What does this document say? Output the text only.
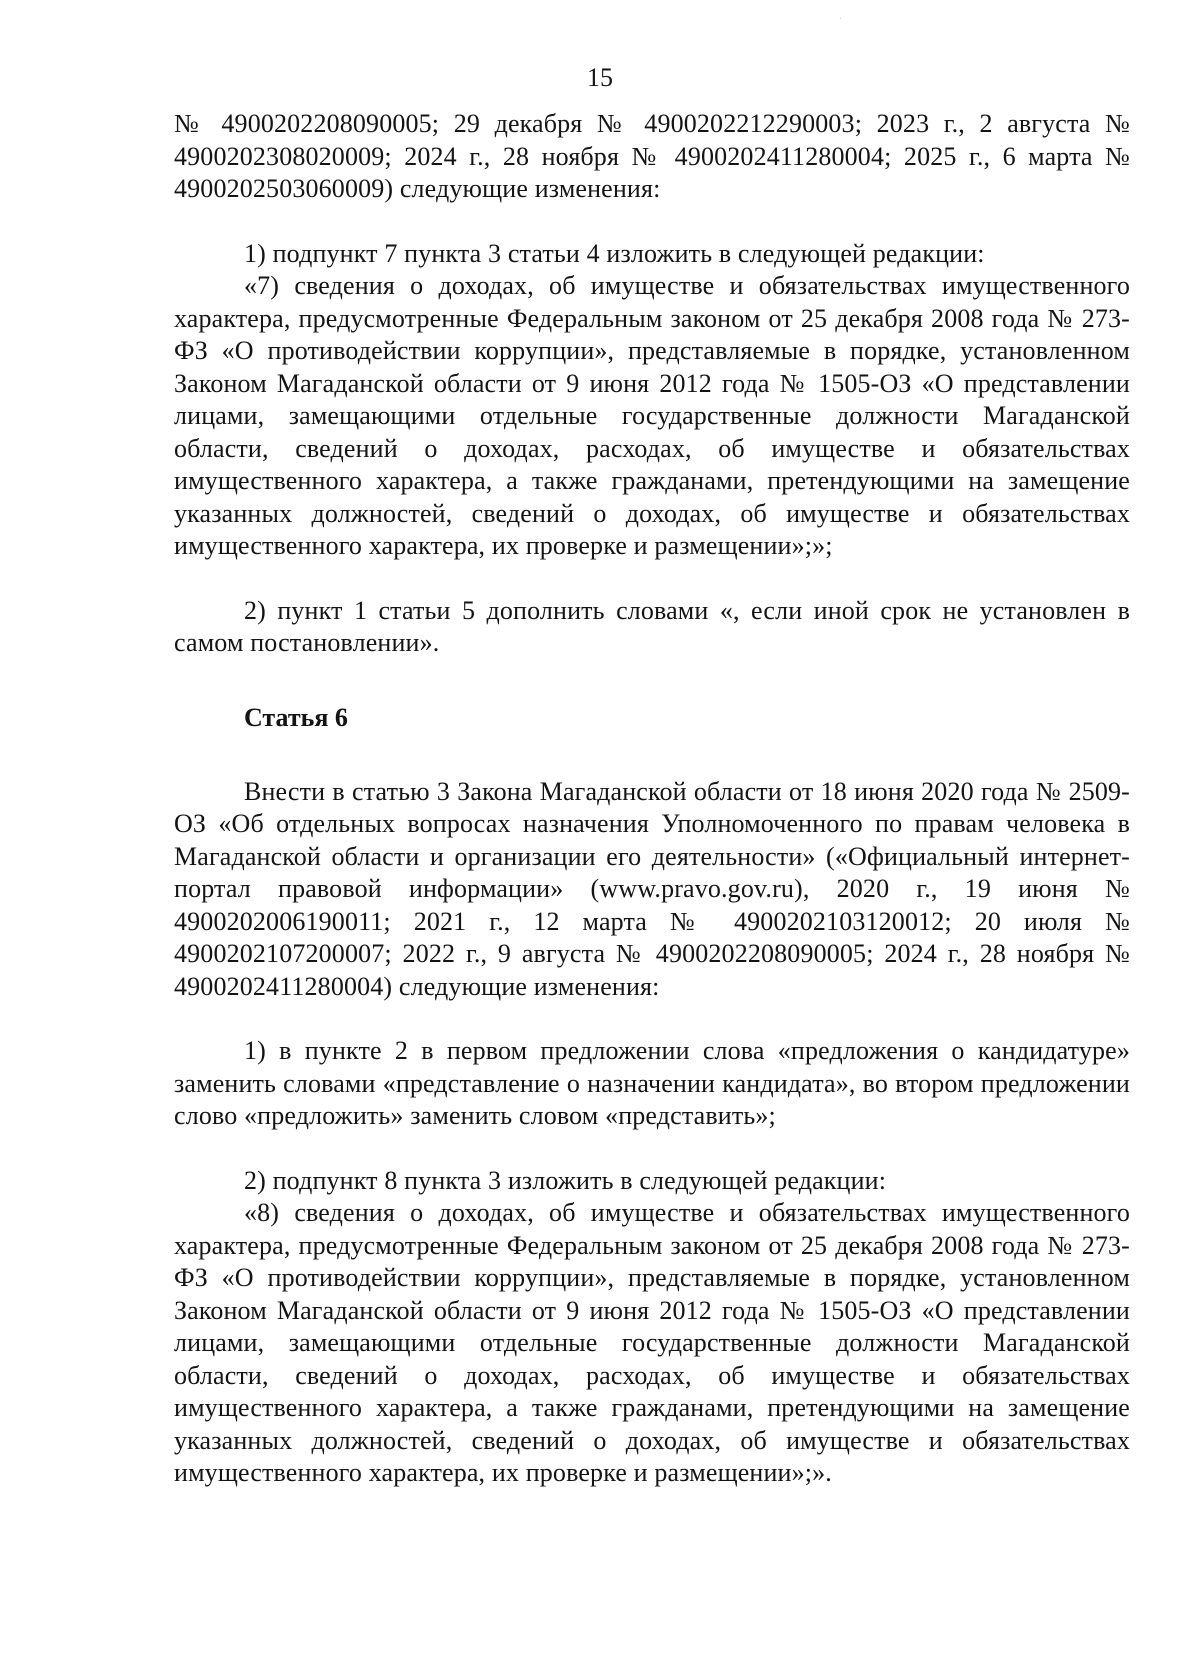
15

№ 4900202208090005; 29 декабря № 4900202212290003; 2023 г., 2 августа № 4900202308020009; 2024 г., 28 ноября № 4900202411280004; 2025 г., 6 марта № 4900202503060009) следующие изменения:

1) подпункт 7 пункта 3 статьи 4 изложить в следующей редакции:

«7) сведения о доходах, об имуществе и обязательствах имущественного характера, предусмотренные Федеральным законом от 25 декабря 2008 года № 273-ФЗ «О противодействии коррупции», представляемые в порядке, установленном Законом Магаданской области от 9 июня 2012 года № 1505-ОЗ «О представлении лицами, замещающими отдельные государственные должности Магаданской области, сведений о доходах, расходах, об имуществе и обязательствах имущественного характера, а также гражданами, претендующими на замещение указанных должностей, сведений о доходах, об имуществе и обязательствах имущественного характера, их проверке и размещении»;»;

2) пункт 1 статьи 5 дополнить словами «, если иной срок не установлен в самом постановлении».

Статья 6

Внести в статью 3 Закона Магаданской области от 18 июня 2020 года № 2509-ОЗ «Об отдельных вопросах назначения Уполномоченного по правам человека в Магаданской области и организации его деятельности» («Официальный интернет-портал правовой информации» (www.pravo.gov.ru), 2020 г., 19 июня № 4900202006190011; 2021 г., 12 марта № 4900202103120012; 20 июля № 4900202107200007; 2022 г., 9 августа № 4900202208090005; 2024 г., 28 ноября № 4900202411280004) следующие изменения:

1) в пункте 2 в первом предложении слова «предложения о кандидатуре» заменить словами «представление о назначении кандидата», во втором предложении слово «предложить» заменить словом «представить»;

2) подпункт 8 пункта 3 изложить в следующей редакции:

«8) сведения о доходах, об имуществе и обязательствах имущественного характера, предусмотренные Федеральным законом от 25 декабря 2008 года № 273-ФЗ «О противодействии коррупции», представляемые в порядке, установленном Законом Магаданской области от 9 июня 2012 года № 1505-ОЗ «О представлении лицами, замещающими отдельные государственные должности Магаданской области, сведений о доходах, расходах, об имуществе и обязательствах имущественного характера, а также гражданами, претендующими на замещение указанных должностей, сведений о доходах, об имуществе и обязательствах имущественного характера, их проверке и размещении»;».
